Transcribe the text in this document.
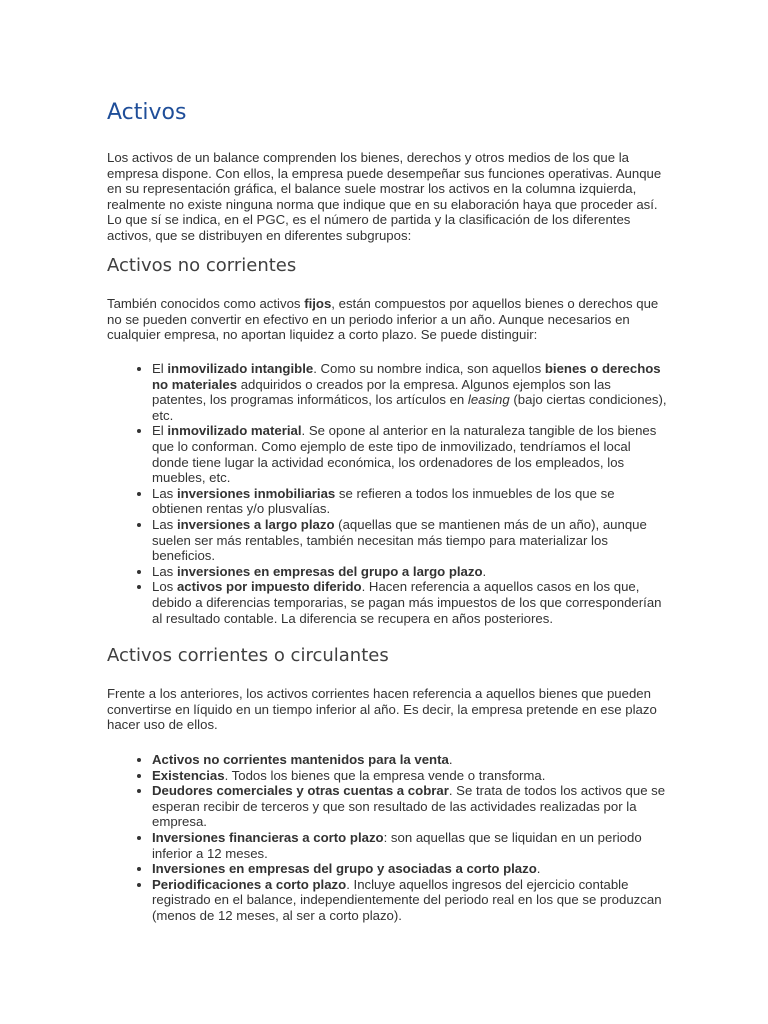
Activos

Los activos de un balance comprenden los bienes, derechos y otros medios de los que la empresa dispone. Con ellos, la empresa puede desempeñar sus funciones operativas. Aunque en su representación gráfica, el balance suele mostrar los activos en la columna izquierda, realmente no existe ninguna norma que indique que en su elaboración haya que proceder así. Lo que sí se indica, en el PGC, es el número de partida y la clasificación de los diferentes activos, que se distribuyen en diferentes subgrupos:

Activos no corrientes

También conocidos como activos fijos, están compuestos por aquellos bienes o derechos que no se pueden convertir en efectivo en un periodo inferior a un año. Aunque necesarios en cualquier empresa, no aportan liquidez a corto plazo. Se puede distinguir:

• El inmovilizado intangible. Como su nombre indica, son aquellos bienes o derechos no materiales adquiridos o creados por la empresa. Algunos ejemplos son las patentes, los programas informáticos, los artículos en leasing (bajo ciertas condiciones), etc.
• El inmovilizado material. Se opone al anterior en la naturaleza tangible de los bienes que lo conforman. Como ejemplo de este tipo de inmovilizado, tendríamos el local donde tiene lugar la actividad económica, los ordenadores de los empleados, los muebles, etc.
• Las inversiones inmobiliarias se refieren a todos los inmuebles de los que se obtienen rentas y/o plusvalías.
• Las inversiones a largo plazo (aquellas que se mantienen más de un año), aunque suelen ser más rentables, también necesitan más tiempo para materializar los beneficios.
• Las inversiones en empresas del grupo a largo plazo.
• Los activos por impuesto diferido. Hacen referencia a aquellos casos en los que, debido a diferencias temporarias, se pagan más impuestos de los que corresponderían al resultado contable. La diferencia se recupera en años posteriores.
Activos corrientes o circulantes

Frente a los anteriores, los activos corrientes hacen referencia a aquellos bienes que pueden convertirse en líquido en un tiempo inferior al año. Es decir, la empresa pretende en ese plazo hacer uso de ellos.

• Activos no corrientes mantenidos para la venta.
• Existencias. Todos los bienes que la empresa vende o transforma.
• Deudores comerciales y otras cuentas a cobrar. Se trata de todos los activos que se esperan recibir de terceros y que son resultado de las actividades realizadas por la empresa.
• Inversiones financieras a corto plazo: son aquellas que se liquidan en un periodo inferior a 12 meses.
• Inversiones en empresas del grupo y asociadas a corto plazo.
• Periodificaciones a corto plazo. Incluye aquellos ingresos del ejercicio contable registrado en el balance, independientemente del periodo real en los que se produzcan (menos de 12 meses, al ser a corto plazo).
